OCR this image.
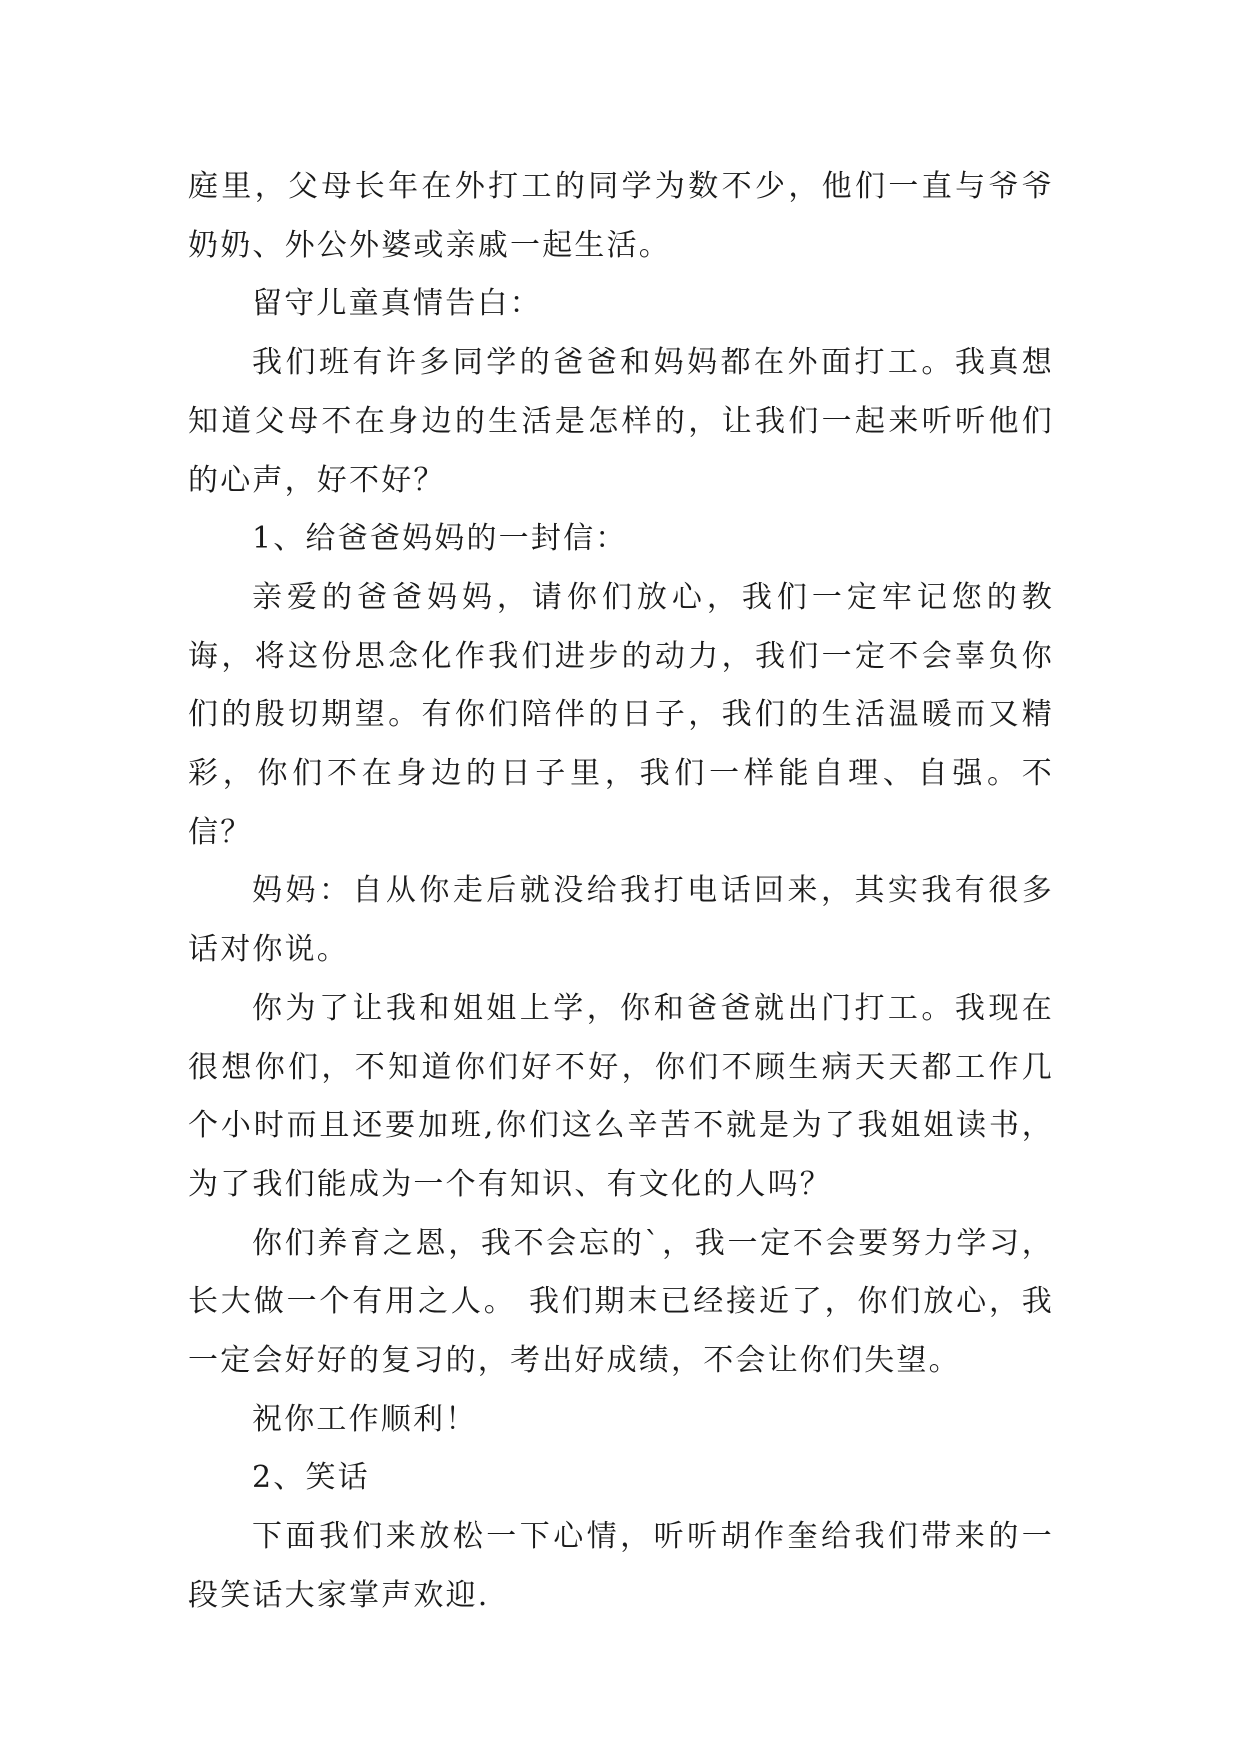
庭里，父母长年在外打工的同学为数不少，他们一直与爷爷奶奶、外公外婆或亲戚一起生活。

留守儿童真情告白：

我们班有许多同学的爸爸和妈妈都在外面打工。我真想知道父母不在身边的生活是怎样的，让我们一起来听听他们的心声，好不好？

1、给爸爸妈妈的一封信：

亲爱的爸爸妈妈，请你们放心，我们一定牢记您的教诲，将这份思念化作我们进步的动力，我们一定不会辜负你们的殷切期望。有你们陪伴的日子，我们的生活温暖而又精彩，你们不在身边的日子里，我们一样能自理、自强。不信？

妈妈：自从你走后就没给我打电话回来，其实我有很多话对你说。

你为了让我和姐姐上学，你和爸爸就出门打工。我现在很想你们，不知道你们好不好，你们不顾生病天天都工作几个小时而且还要加班,你们这么辛苦不就是为了我姐姐读书，为了我们能成为一个有知识、有文化的人吗？

你们养育之恩，我不会忘的`，我一定不会要努力学习，长大做一个有用之人。 我们期末已经接近了，你们放心，我一定会好好的复习的，考出好成绩，不会让你们失望。

祝你工作顺利！

2、笑话

下面我们来放松一下心情，听听胡作奎给我们带来的一段笑话大家掌声欢迎.
